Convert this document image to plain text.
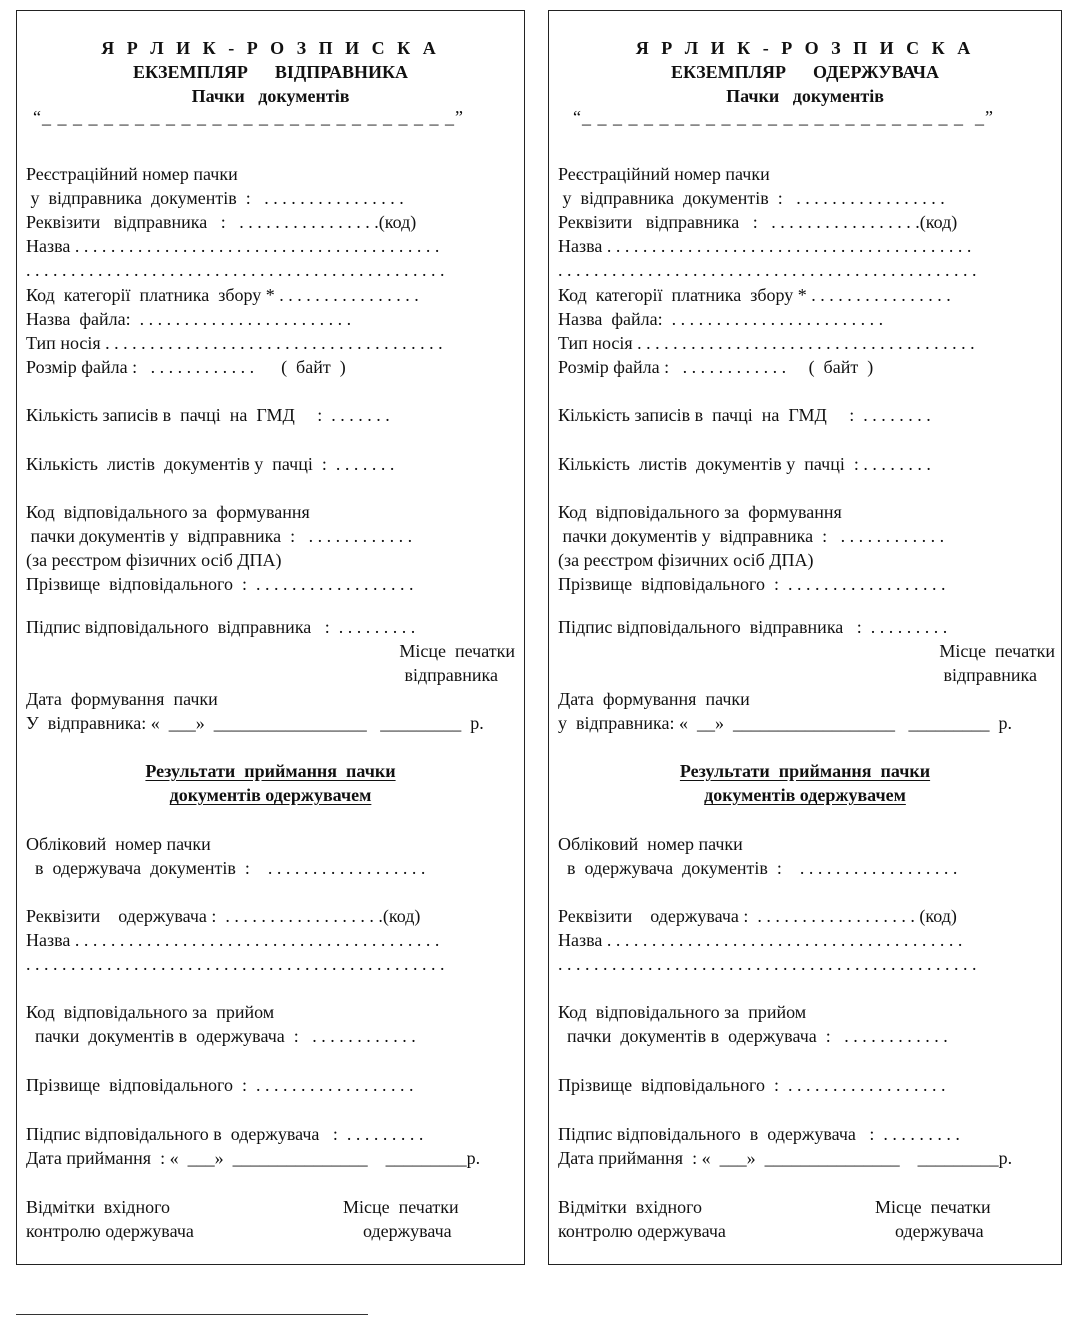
Я Р Л И К - Р О З П И С К А
ЕКЗЕМПЛЯР      ВІДПРАВНИКА
Пачки   документів
“_ _ _ _ _ _ _ _ _ _ _ _ _ _ _ _ _ _ _ _ _ _ _ _ _ _ _”
Реєстраційний номер пачки
у  відправника  документів  :   . . . . . . . . . . . . . . . .
Реквізити   відправника   :   . . . . . . . . . . . . . . . .(код)
Назва . . . . . . . . . . . . . . . . . . . . . . . . . . . . . . . . . . . . . . . . .
. . . . . . . . . . . . . . . . . . . . . . . . . . . . . . . . . . . . . . . . . . . . . . .
Код  категорії  платника  збору * . . . . . . . . . . . . . . . .
Назва  файла:  . . . . . . . . . . . . . . . . . . . . . . . .
Тип носія . . . . . . . . . . . . . . . . . . . . . . . . . . . . . . . . . . . . . .
Розмір файла :   . . . . . . . . . . . .      (  байт  )
Кількість записів в  пачці  на  ГМД     :  . . . . . . .
Кількість  листів  документів у  пачці  :  . . . . . . .
Код  відповідального за  формування
пачки документів у  відправника  :   . . . . . . . . . . . .
(за реєстром фізичних осіб ДПА)
Прізвище  відповідального  :  . . . . . . . . . . . . . . . . . .
Підпис відповідального  відправника   :  . . . . . . . . .
Місце  печатки
відправника
Дата  формування  пачки
У  відправника: «  ___»  _________________   _________  р.
Результати  приймання  пачки
документів одержувачем
Обліковий  номер пачки
в  одержувача  документів  :    . . . . . . . . . . . . . . . . . .
Реквізити    одержувача :  . . . . . . . . . . . . . . . . . .(код)
Назва . . . . . . . . . . . . . . . . . . . . . . . . . . . . . . . . . . . . . . . . .
. . . . . . . . . . . . . . . . . . . . . . . . . . . . . . . . . . . . . . . . . . . . . . .
Код  відповідального за  прийом
пачки  документів в  одержувача  :   . . . . . . . . . . . .
Прізвище  відповідального  :  . . . . . . . . . . . . . . . . . .
Підпис відповідального в  одержувача   :  . . . . . . . . .
Дата приймання  : «  ___»  _______________    _________р.
Відмітки  вхідного
контролю одержувача
Місце  печатки
одержувача
Я Р Л И К - Р О З П И С К А
ЕКЗЕМПЛЯР      ОДЕРЖУВАЧА
Пачки   документів
“_ _ _ _ _ _ _ _ _ _ _ _ _ _ _ _ _ _ _ _ _ _ _ _ _  _”
Реєстраційний номер пачки
у  відправника  документів  :   . . . . . . . . . . . . . . . . .
Реквізити   відправника   :   . . . . . . . . . . . . . . . . .(код)
Назва . . . . . . . . . . . . . . . . . . . . . . . . . . . . . . . . . . . . . . . . .
. . . . . . . . . . . . . . . . . . . . . . . . . . . . . . . . . . . . . . . . . . . . . . .
Код  категорії  платника  збору * . . . . . . . . . . . . . . . .
Назва  файла:  . . . . . . . . . . . . . . . . . . . . . . . .
Тип носія . . . . . . . . . . . . . . . . . . . . . . . . . . . . . . . . . . . . . .
Розмір файла :   . . . . . . . . . . . .     (  байт  )
Кількість записів в  пачці  на  ГМД     :  . . . . . . . .
Кількість  листів  документів у  пачці  : . . . . . . . .
Код  відповідального за  формування
пачки документів у  відправника  :   . . . . . . . . . . . .
(за реєстром фізичних осіб ДПА)
Прізвище  відповідального  :  . . . . . . . . . . . . . . . . . .
Підпис відповідального  відправника   :  . . . . . . . . .
Місце  печатки
відправника
Дата  формування  пачки
у  відправника: «  __»  __________________   _________  р.
Результати  приймання  пачки
документів одержувачем
Обліковий  номер пачки
в  одержувача  документів  :    . . . . . . . . . . . . . . . . . .
Реквізити    одержувача :  . . . . . . . . . . . . . . . . . . (код)
Назва . . . . . . . . . . . . . . . . . . . . . . . . . . . . . . . . . . . . . . . .
. . . . . . . . . . . . . . . . . . . . . . . . . . . . . . . . . . . . . . . . . . . . . . .
Код  відповідального за  прийом
пачки  документів в  одержувача  :   . . . . . . . . . . . .
Прізвище  відповідального  :  . . . . . . . . . . . . . . . . . .
Підпис відповідального  в  одержувача   :  . . . . . . . . .
Дата приймання  : «  ___»  _______________    _________р.
Відмітки  вхідного
контролю одержувача
Місце  печатки
одержувача
